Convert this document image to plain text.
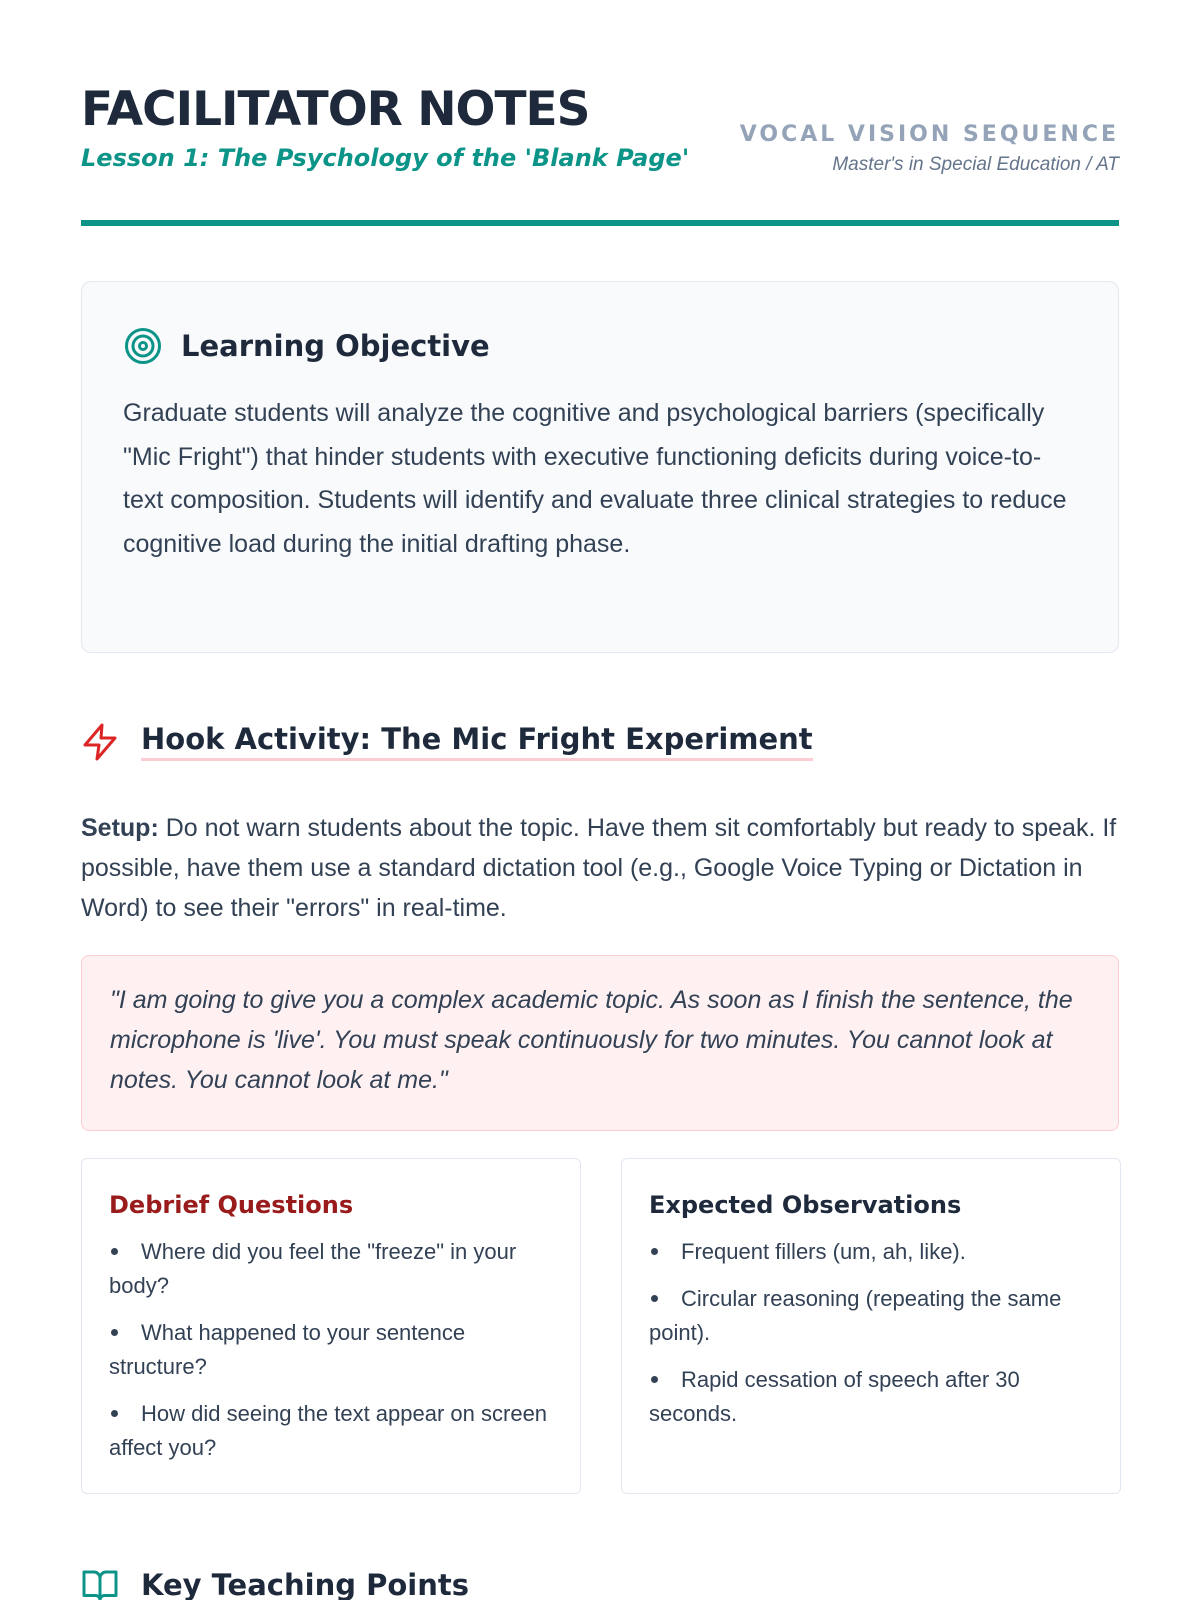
FACILITATOR NOTES
Lesson 1: The Psychology of the 'Blank Page'
VOCAL VISION SEQUENCE
Master's in Special Education / AT
Learning Objective

Graduate students will analyze the cognitive and psychological barriers (specifically "Mic Fright") that hinder students with executive functioning deficits during voice-to-text composition. Students will identify and evaluate three clinical strategies to reduce cognitive load during the initial drafting phase.

Hook Activity: The Mic Fright Experiment

Setup: Do not warn students about the topic. Have them sit comfortably but ready to speak. If possible, have them use a standard dictation tool (e.g., Google Voice Typing or Dictation in Word) to see their "errors" in real-time.

"I am going to give you a complex academic topic. As soon as I finish the sentence, the microphone is 'live'. You must speak continuously for two minutes. You cannot look at notes. You cannot look at me."
Debrief Questions
Where did you feel the "freeze" in your body?
What happened to your sentence structure?
How did seeing the text appear on screen affect you?
Expected Observations
Frequent fillers (um, ah, like).
Circular reasoning (repeating the same point).
Rapid cessation of speech after 30 seconds.
Key Teaching Points
